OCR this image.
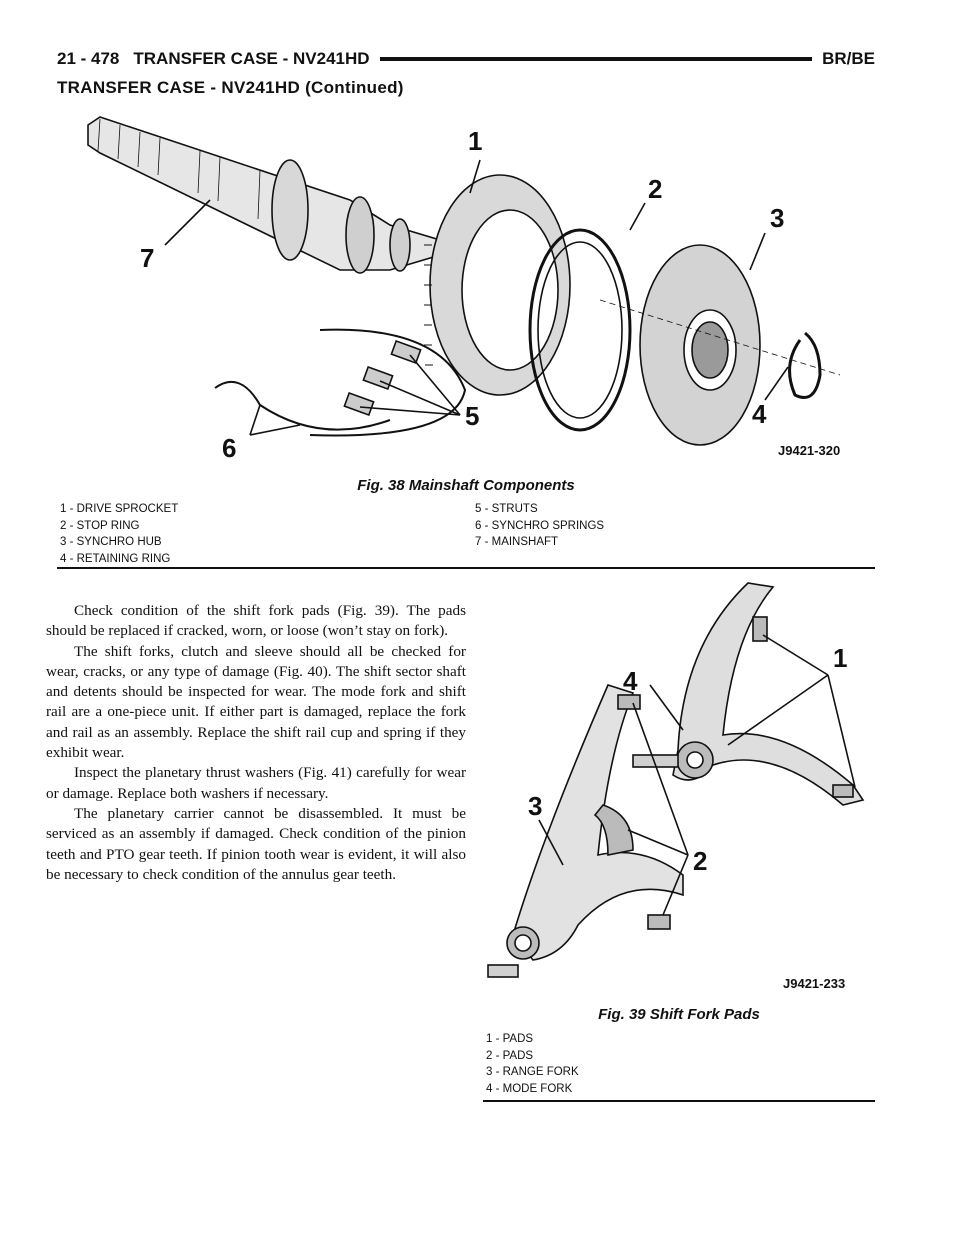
21 - 478 TRANSFER CASE - NV241HD	BR/BE
TRANSFER CASE - NV241HD (Continued)
1
2
3
4
5
6
7
J9421-320
Fig. 38 Mainshaft Components
1 - DRIVE SPROCKET
2 - STOP RING
3 - SYNCHRO HUB
4 - RETAINING RING
5 - STRUTS
6 - SYNCHRO SPRINGS
7 - MAINSHAFT

Check condition of the shift fork pads (Fig. 39). The pads should be replaced if cracked, worn, or loose (won’t stay on fork).

The shift forks, clutch and sleeve should all be checked for wear, cracks, or any type of damage (Fig. 40). The shift sector shaft and detents should be inspected for wear. The mode fork and shift rail are a one-piece unit. If either part is damaged, replace the fork and rail as an assembly. Replace the shift rail cup and spring if they exhibit wear.

Inspect the planetary thrust washers (Fig. 41) carefully for wear or damage. Replace both washers if necessary.

The planetary carrier cannot be disassembled. It must be serviced as an assembly if damaged. Check condition of the pinion teeth and PTO gear teeth. If pinion tooth wear is evident, it will also be necessary to check condition of the annulus gear teeth.

1
2
3
4
J9421-233
Fig. 39 Shift Fork Pads
1 - PADS
2 - PADS
3 - RANGE FORK
4 - MODE FORK
